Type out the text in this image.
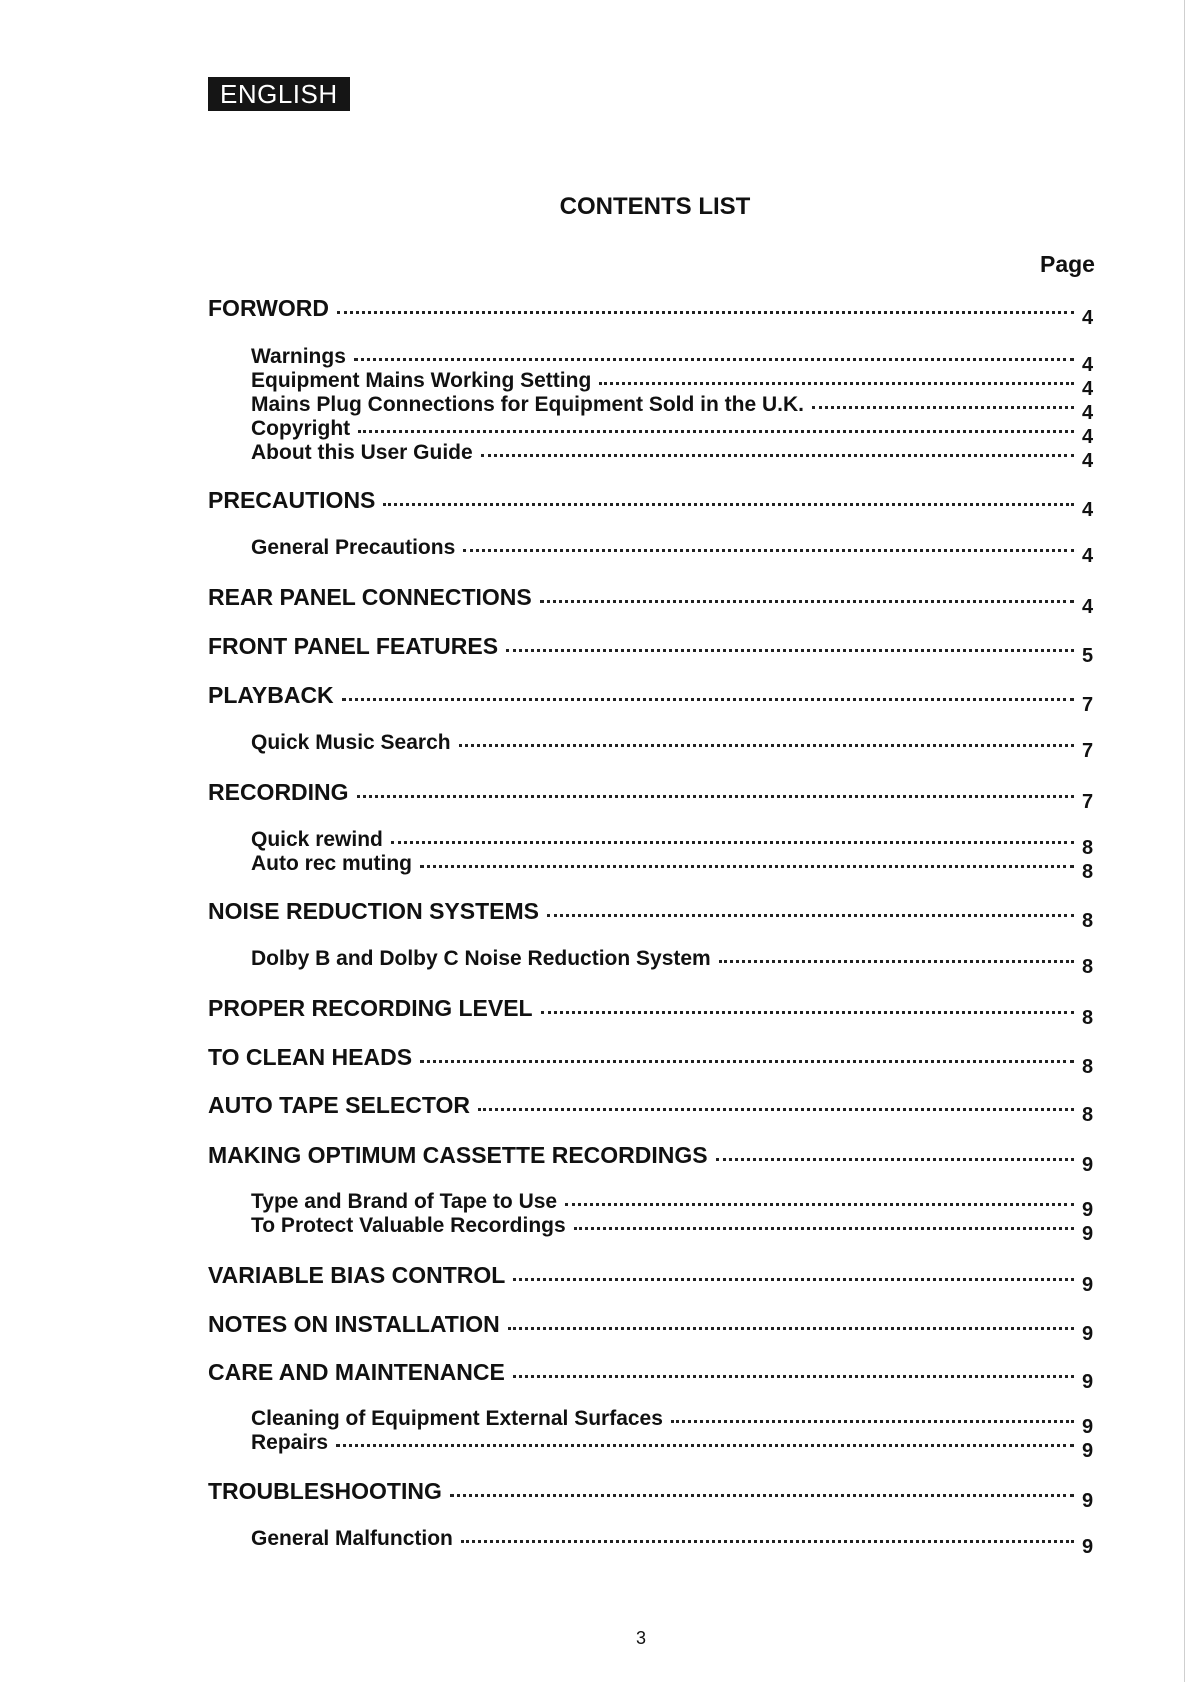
ENGLISH
CONTENTS LIST
Page
FORWORD	4
Warnings	4
Equipment Mains Working Setting	4
Mains Plug Connections for Equipment Sold in the U.K.	4
Copyright	4
About this User Guide	4
PRECAUTIONS	4
General Precautions	4
REAR PANEL CONNECTIONS	4
FRONT PANEL FEATURES	5
PLAYBACK	7
Quick Music Search	7
RECORDING	7
Quick rewind	8
Auto rec muting	8
NOISE REDUCTION SYSTEMS	8
Dolby B and Dolby C Noise Reduction System	8
PROPER RECORDING LEVEL	8
TO CLEAN HEADS	8
AUTO TAPE SELECTOR	8
MAKING OPTIMUM CASSETTE RECORDINGS	9
Type and Brand of Tape to Use	9
To Protect Valuable Recordings	9
VARIABLE BIAS CONTROL	9
NOTES ON INSTALLATION	9
CARE AND MAINTENANCE	9
Cleaning of Equipment External Surfaces	9
Repairs	9
TROUBLESHOOTING	9
General Malfunction	9
3
